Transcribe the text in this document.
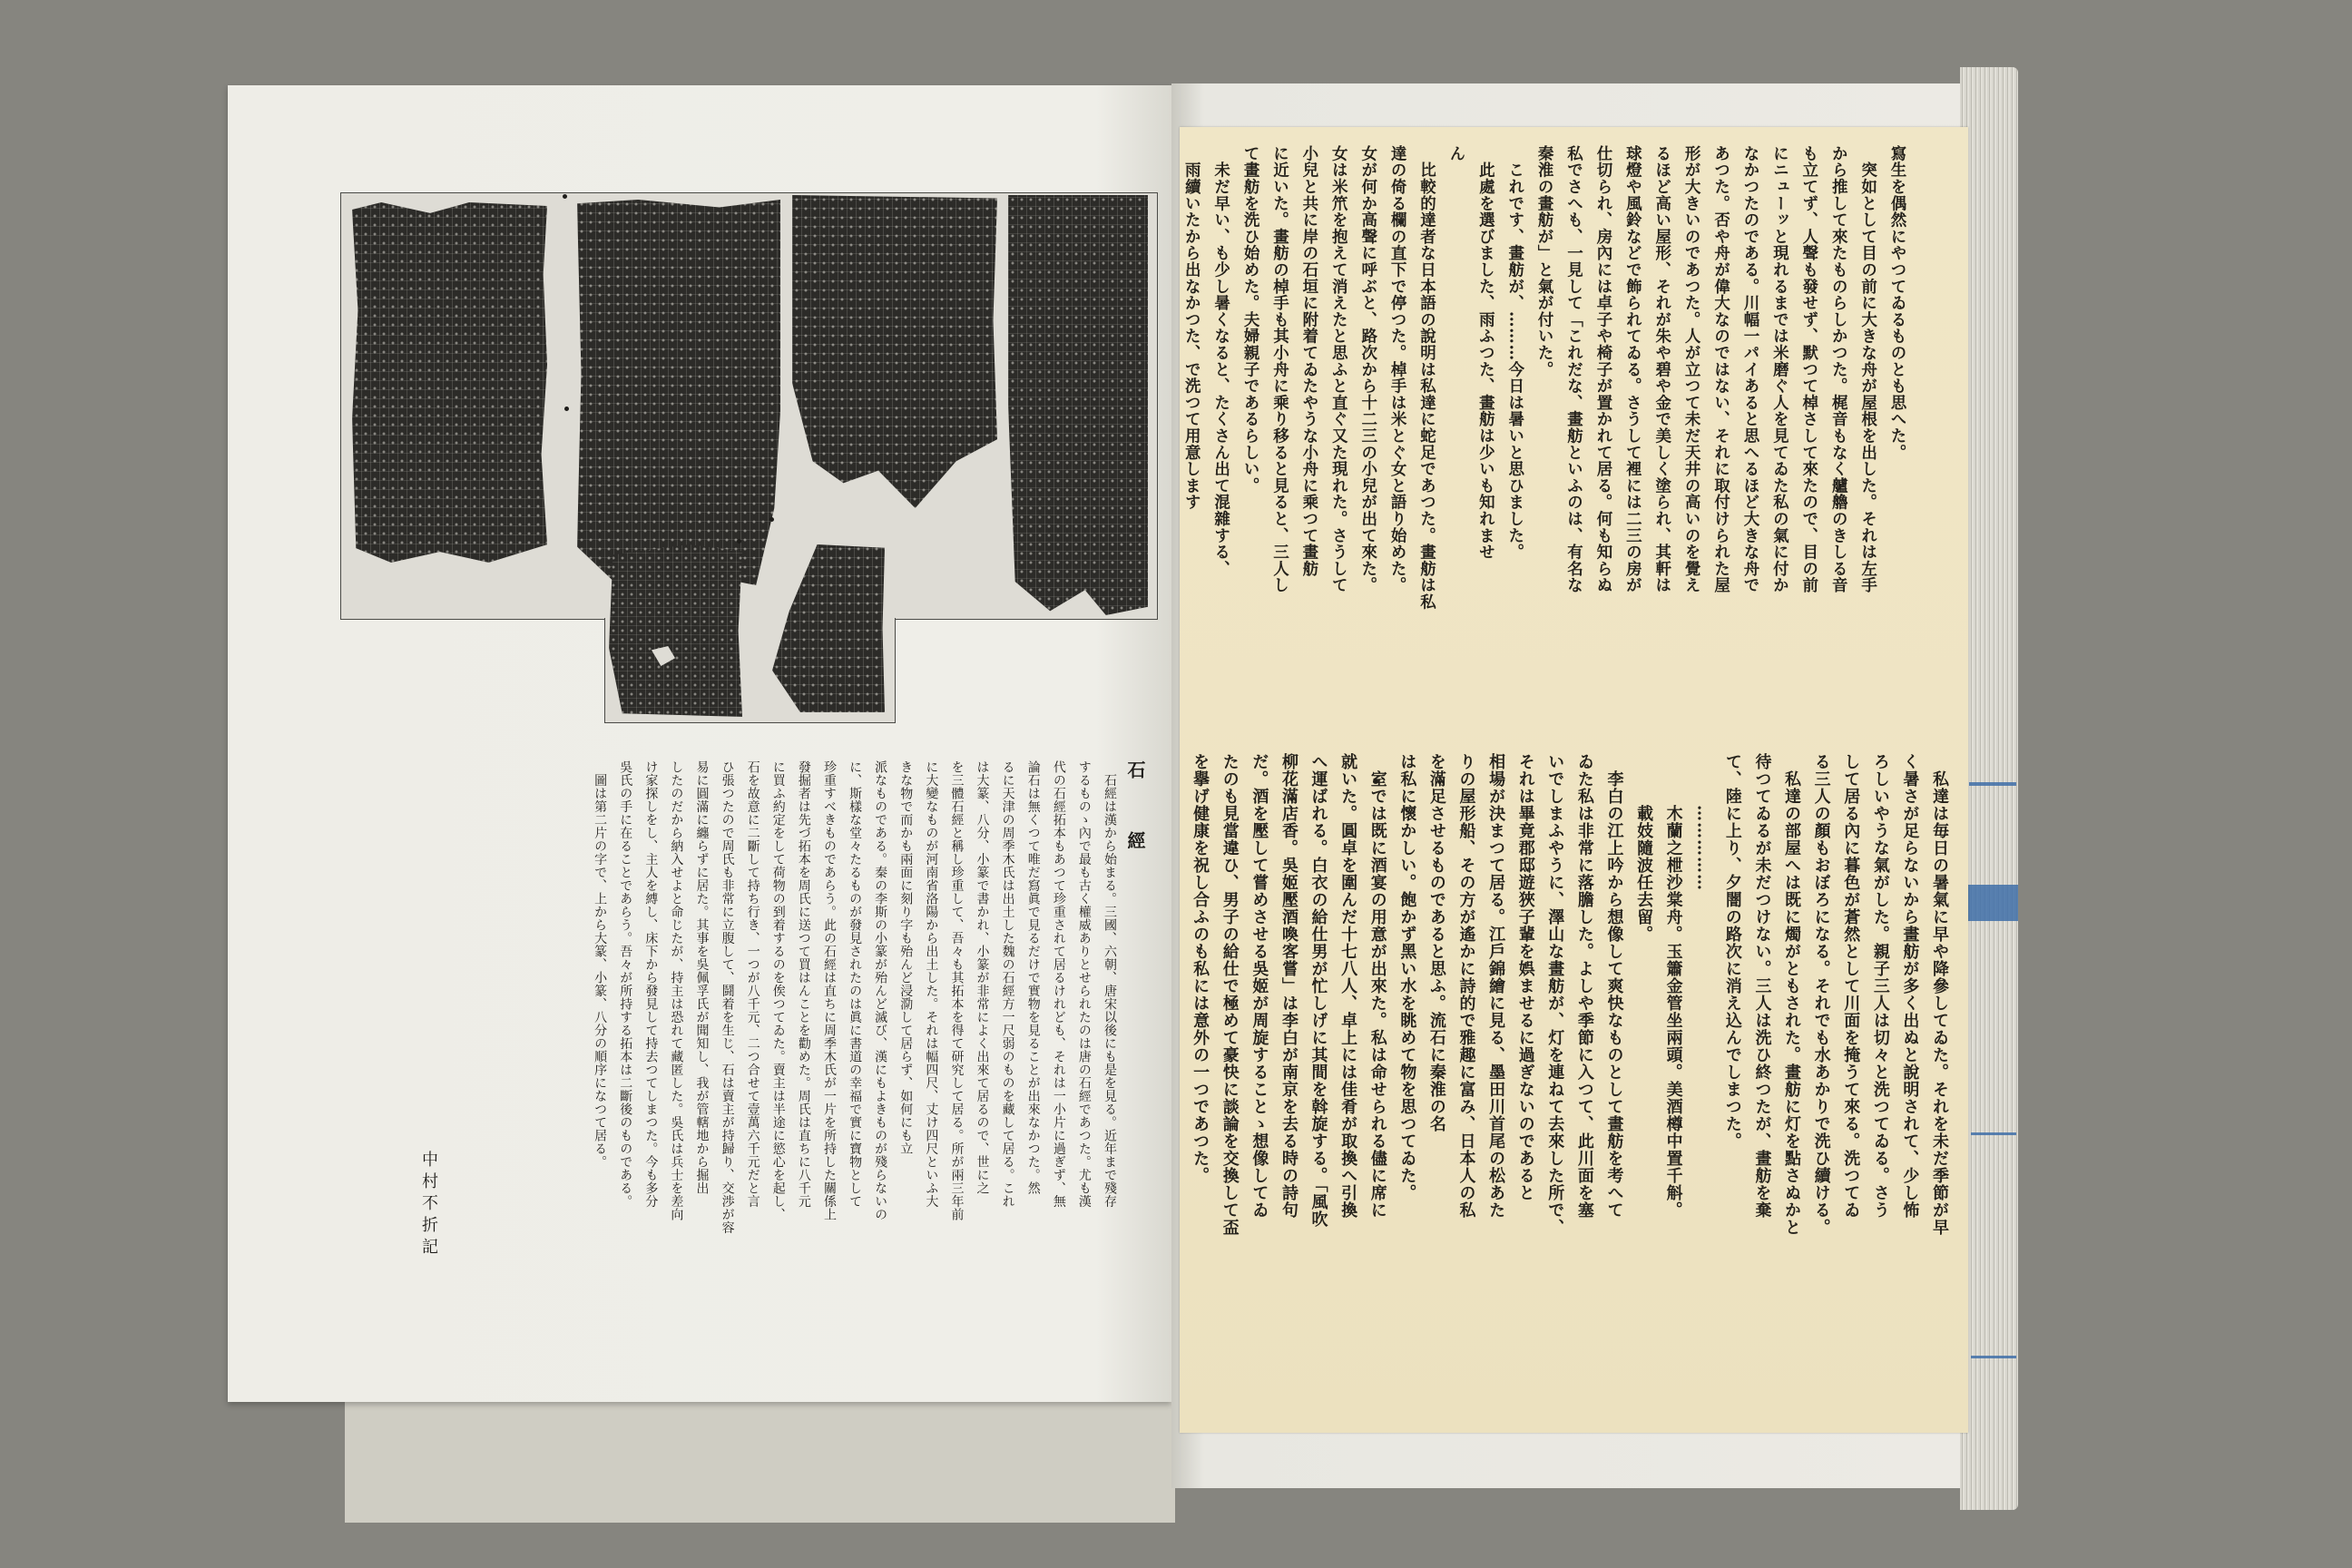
石　經
　石經は漢から始まる。三國、六朝、唐宋以後にも是を見る。近年まで殘存
するものゝ內で最も古く權威ありとせられたのは唐の石經であつた。尤も漢
代の石經拓本もあつて珍重されて居るけれども、それは一小片に過ぎず、無
論石は無くつて唯だ寫眞で見るだけで實物を見ることが出來なかつた。然
るに天津の周季木氏は出土した魏の石經方一尺弱のものを藏して居る。これ
は大篆、八分、小篆で書かれ、小篆が非常によく出來て居るので、世に之
を三體石經と稱し珍重して、吾々も其拓本を得て研究して居る。所が兩三年前
に大變なものが河南省洛陽から出土した。それは幅四尺、丈け四尺といふ大
きな物で而かも兩面に刻り字も殆んど浸泐して居らず、如何にも立
派なものである。秦の李斯の小篆が殆んど滅び、漢にもよきものが殘らないの
に、斯樣な堂々たるものが發見されたのは眞に書道の幸福で實に寶物として
珍重すべきものであらう。此の石經は直ちに周季木氏が一片を所持した關係上
發掘者は先づ拓本を周氏に送つて買はんことを勸めた。周氏は直ちに八千元
に買ふ約定をして荷物の到着するのを俟つてゐた。賣主は半途に慾心を起し、
石を故意に二斷して持ち行き、一つが八千元、二つ合せて壹萬六千元だと言
ひ張つたので周氏も非常に立腹して、鬪着を生じ、石は賣主が持歸り、交渉が容
易に圓滿に纏らずに居た。其事を吳佩孚氏が聞知し、我が管轄地から掘出
したのだから納入せよと命じたが、持主は恐れて藏匿した。吳氏は兵士を差向
け家探しをし、主人を縛し、床下から發見して持去つてしまつた。今も多分
吳氏の手に在ることであらう。吾々が所持する拓本は二斷後のものである。
　圖は第二片の字で、上から大篆、小篆、八分の順序になつて居る。
中村不折記
寫生を偶然にやつてゐるものとも思へた。
　突如として目の前に大きな舟が屋根を出した。それは左手
から推して來たものらしかつた。梶音もなく艫艪のきしる音
も立てず、人聲も發せず、默つて棹さして來たので、目の前
にニューッと現れるまでは米磨ぐ人を見てゐた私の氣に付か
なかつたのである。川幅一パイあると思へるほど大きな舟で
あつた。否や舟が偉大なのではない、それに取付けられた屋
形が大きいのであつた。人が立つて未だ天井の高いのを覺え
るほど高い屋形、それが朱や碧や金で美しく塗られ、其軒は
球燈や風鈴などで飾られてゐる。さうして裡には二三の房が
仕切られ、房內には卓子や椅子が置かれて居る。何も知らぬ
私でさへも、一見して「これだな、畫舫といふのは、有名な
秦淮の畫舫が」と氣が付いた。
　これです、畫舫が、………今日は暑いと思ひました。
　此處を選びました、雨ふつた、畫舫は少いも知れませ
ん
　比較的達者な日本語の說明は私達に蛇足であつた。畫舫は私
達の倚る欄の直下で停つた。棹手は米とぐ女と語り始めた。
女が何か高聲に呼ぶと、路次から十二三の小兒が出て來た。
女は米笊を抱えて消えたと思ふと直ぐ又た現れた。さうして
小兒と共に岸の石垣に附着てゐたやうな小舟に乘つて畫舫
に近いた。畫舫の棹手も其小舟に乘り移ると見ると、三人し
て畫舫を洗ひ始めた。夫婦親子であるらしい。
　未だ早い、も少し暑くなると、たくさん出て混雜する、
　雨續いたから出なかつた、で洗つて用意します
　私達は毎日の暑氣に早や降參してゐた。それを未だ季節が早
く暑さが足らないから畫舫が多く出ぬと說明されて、少し怖
ろしいやうな氣がした。親子三人は切々と洗つてゐる。さう
して居る內に暮色が蒼然として川面を掩うて來る。洗つてゐ
る三人の顏もおぼろになる。それでも水あかりで洗ひ續ける。
　私達の部屋へは既に燭がともされた。畫舫に灯を點さぬかと
待つてゐるが未だつけない。三人は洗ひ終つたが、畫舫を棄
て、陸に上り、夕闇の路次に消え込んでしまつた。
　　　……………
　　　木蘭之枻沙棠舟。玉簫金管坐兩頭。美酒樽中置千斛。
　　　載妓隨波任去留。
　李白の江上吟から想像して爽快なものとして畫舫を考へて
ゐた私は非常に落膽した。よしや季節に入つて、此川面を塞
いでしまふやうに、澤山な畫舫が、灯を連ねて去來した所で、
それは畢竟郡邸遊狹子輩を娯ませるに過ぎないのであると
相場が決まつて居る。江戶錦繪に見る、墨田川首尾の松あた
りの屋形船、その方が遙かに詩的で雅趣に富み、日本人の私
を滿足させるものであると思ふ。流石に秦淮の名
は私に懷かしい。飽かず黑い水を眺めて物を思つてゐた。
　室では既に酒宴の用意が出來た。私は命せられる儘に席に
就いた。圓卓を圍んだ十七八人、卓上には佳肴が取換へ引換
へ運ばれる。白衣の給仕男が忙しげに其間を斡旋する。「風吹
柳花滿店香。吳姬壓酒喚客嘗」は李白が南京を去る時の詩句
だ。酒を壓して嘗めさせる吳姬が周旋することゝ想像してゐ
たのも見當違ひ、男子の給仕で極めて豪快に談論を交換して盃
を擧げ健康を祝し合ふのも私には意外の一つであつた。
